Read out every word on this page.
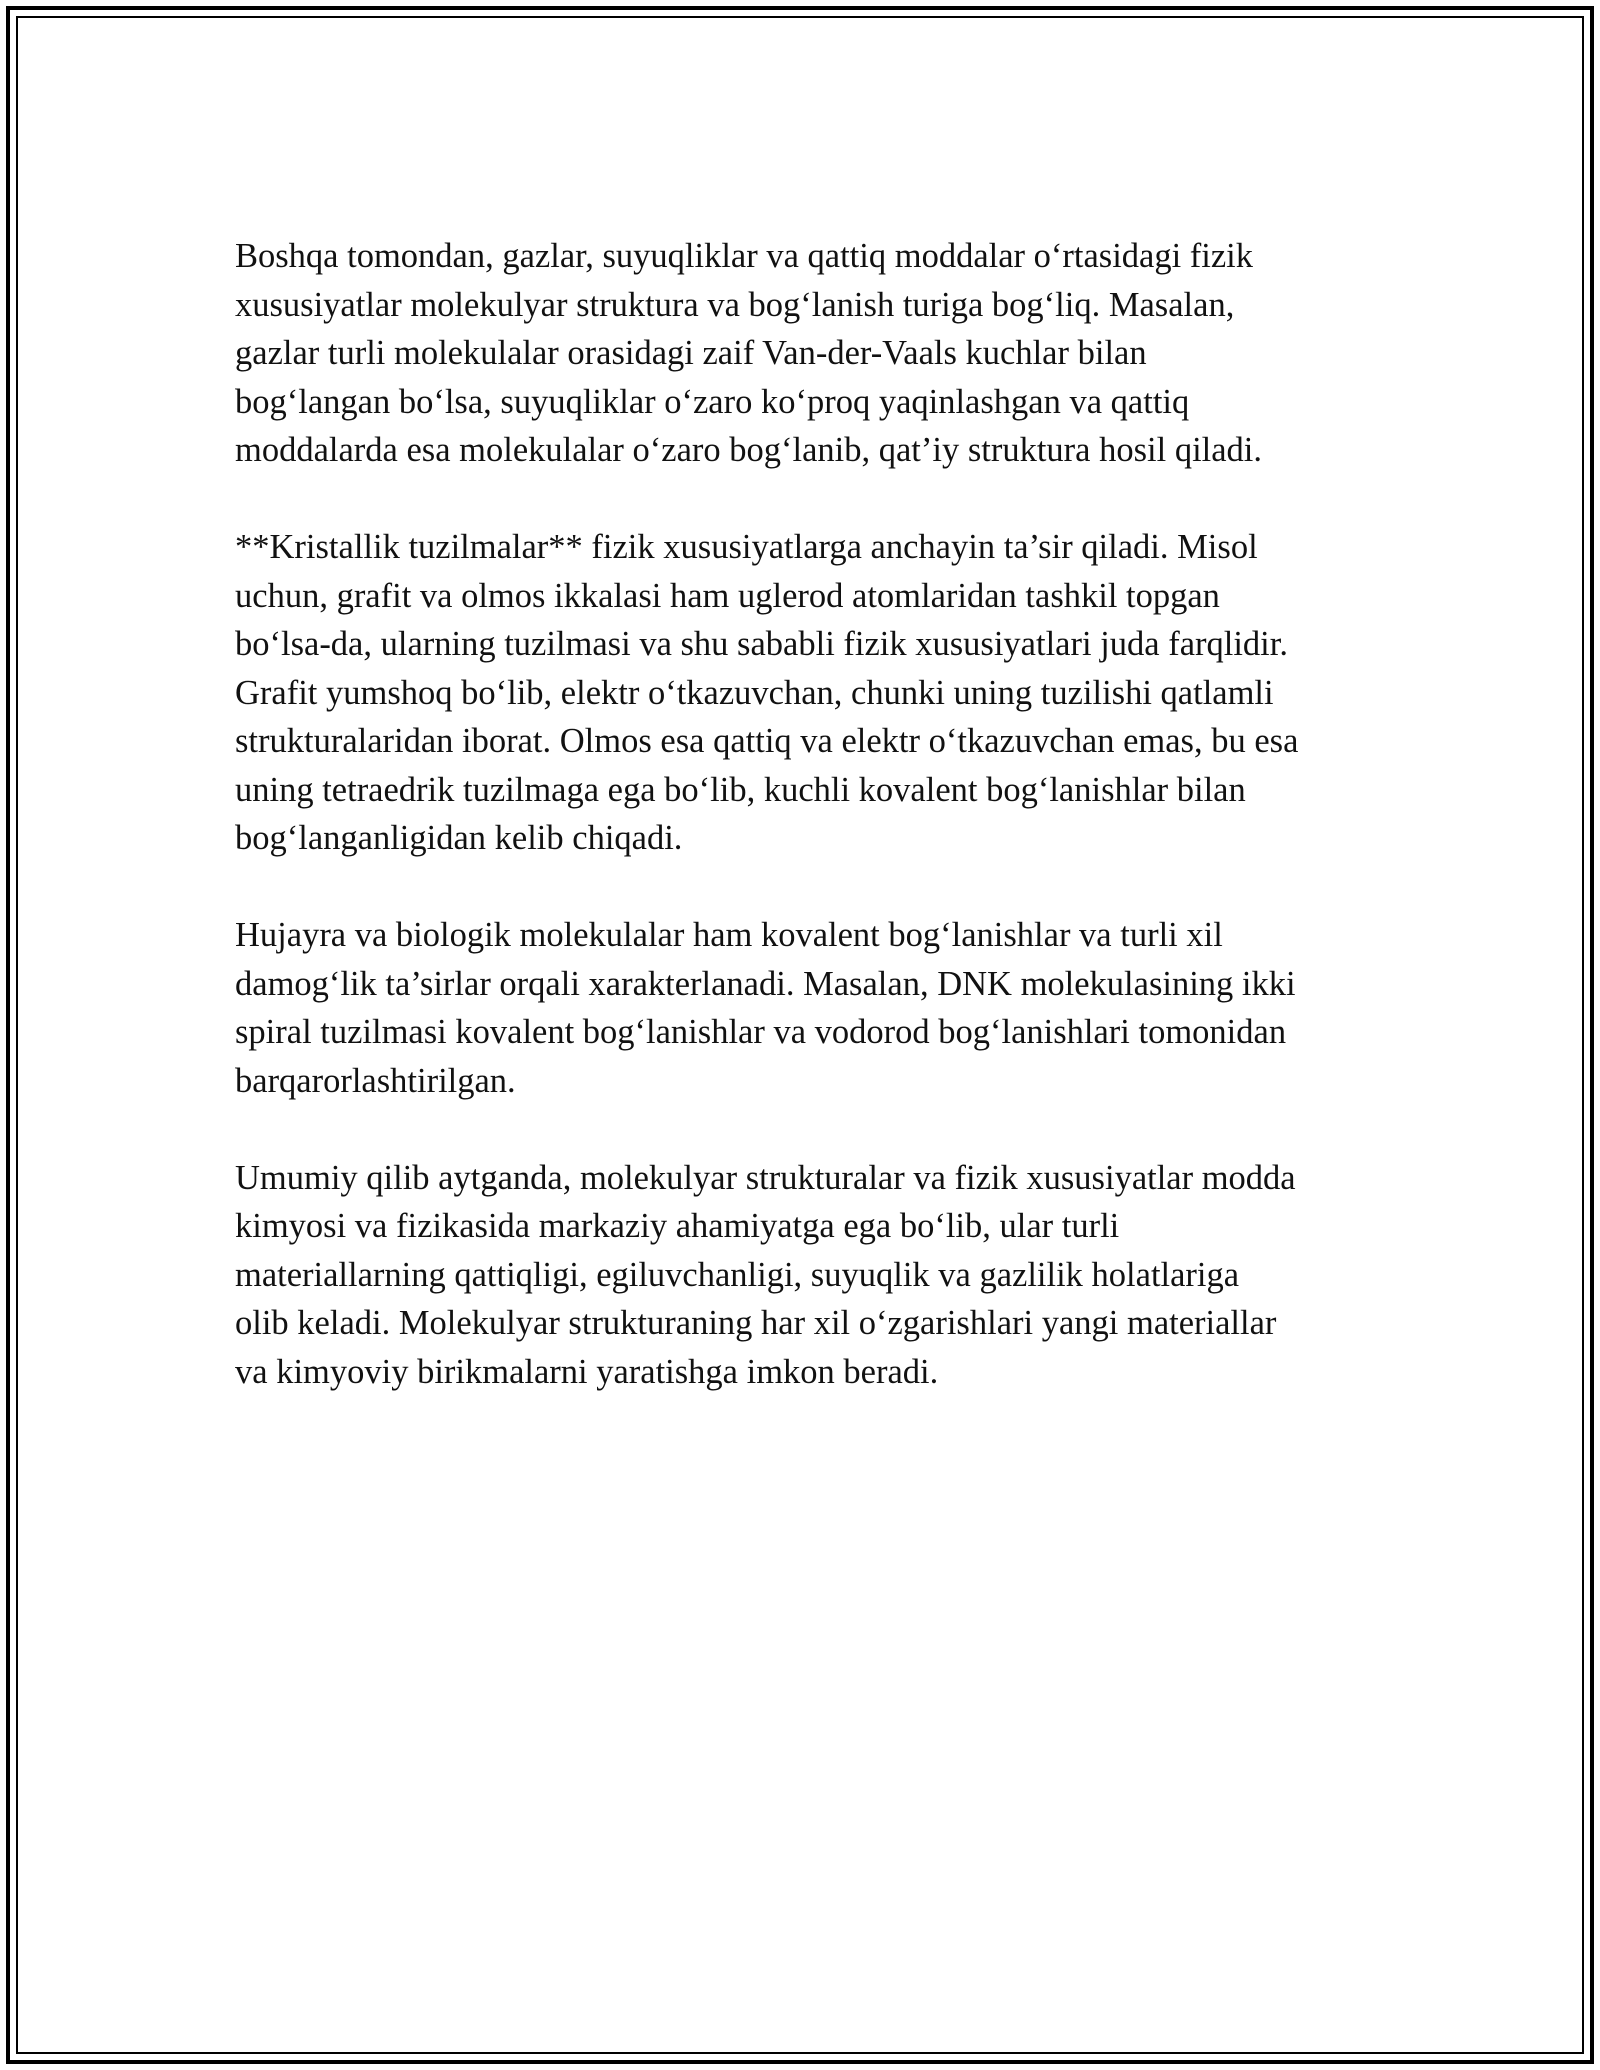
Boshqa tomondan, gazlar, suyuqliklar va qattiq moddalar o‘rtasidagi fizik
xususiyatlar molekulyar struktura va bog‘lanish turiga bog‘liq. Masalan,
gazlar turli molekulalar orasidagi zaif Van-der-Vaals kuchlar bilan
bog‘langan bo‘lsa, suyuqliklar o‘zaro ko‘proq yaqinlashgan va qattiq
moddalarda esa molekulalar o‘zaro bog‘lanib, qat’iy struktura hosil qiladi.

**Kristallik tuzilmalar** fizik xususiyatlarga anchayin ta’sir qiladi. Misol
uchun, grafit va olmos ikkalasi ham uglerod atomlaridan tashkil topgan
bo‘lsa-da, ularning tuzilmasi va shu sababli fizik xususiyatlari juda farqlidir.
Grafit yumshoq bo‘lib, elektr o‘tkazuvchan, chunki uning tuzilishi qatlamli
strukturalaridan iborat. Olmos esa qattiq va elektr o‘tkazuvchan emas, bu esa
uning tetraedrik tuzilmaga ega bo‘lib, kuchli kovalent bog‘lanishlar bilan
bog‘langanligidan kelib chiqadi.

Hujayra va biologik molekulalar ham kovalent bog‘lanishlar va turli xil
damog‘lik ta’sirlar orqali xarakterlanadi. Masalan, DNK molekulasining ikki
spiral tuzilmasi kovalent bog‘lanishlar va vodorod bog‘lanishlari tomonidan
barqarorlashtirilgan.

Umumiy qilib aytganda, molekulyar strukturalar va fizik xususiyatlar modda
kimyosi va fizikasida markaziy ahamiyatga ega bo‘lib, ular turli
materiallarning qattiqligi, egiluvchanligi, suyuqlik va gazlilik holatlariga
olib keladi. Molekulyar strukturaning har xil o‘zgarishlari yangi materiallar
va kimyoviy birikmalarni yaratishga imkon beradi.
